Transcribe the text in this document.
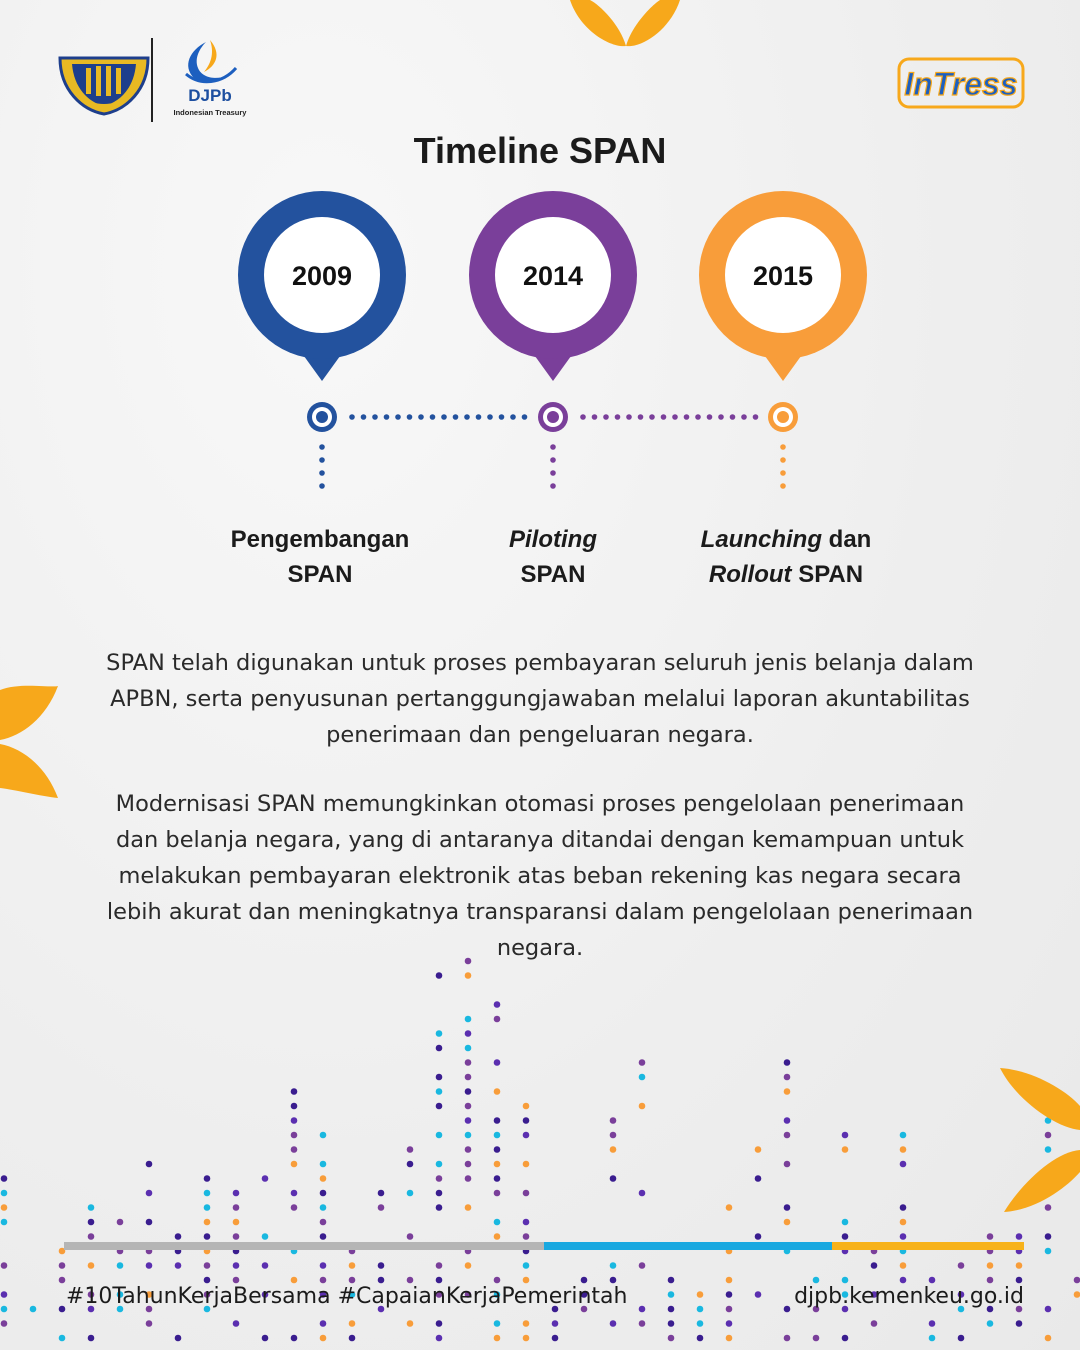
DJPb
Indonesian Treasury
InTress
Timeline SPAN
2009	2014	2015
Pengembangan
SPAN
Piloting
SPAN
Launching dan
Rollout SPAN
SPAN telah digunakan untuk proses pembayaran seluruh jenis belanja dalam APBN, serta penyusunan pertanggungjawaban melalui laporan akuntabilitas penerimaan dan pengeluaran negara.
Modernisasi SPAN memungkinkan otomasi proses pengelolaan penerimaan dan belanja negara, yang di antaranya ditandai dengan kemampuan untuk melakukan pembayaran elektronik atas beban rekening kas negara secara lebih akurat dan meningkatnya transparansi dalam pengelolaan penerimaan negara.
#10TahunKerjaBersama #CapaianKerjaPemerintah	djpb.kemenkeu.go.id
